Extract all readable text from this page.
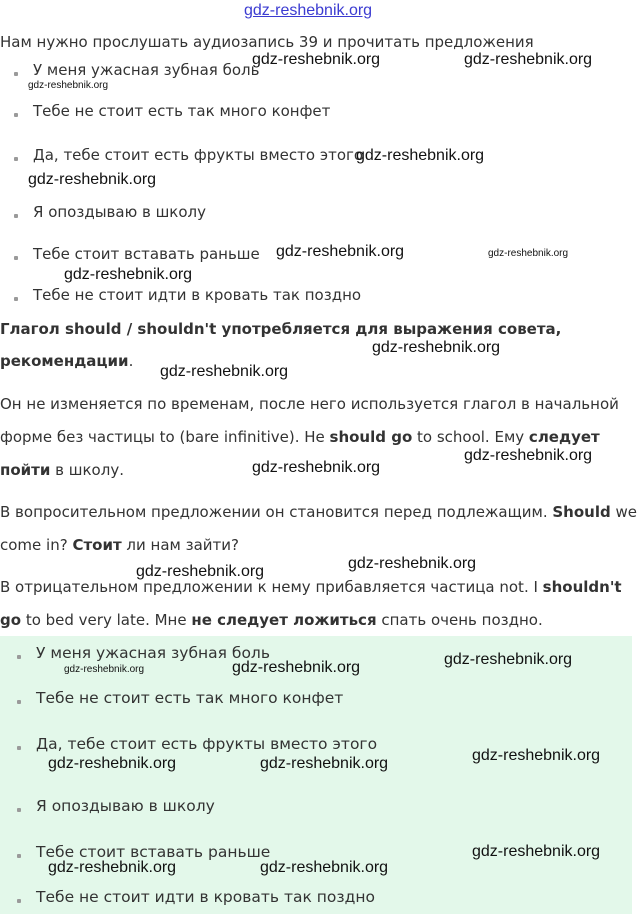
gdz-reshebnik.org
Нам нужно прослушать аудиозапись 39 и прочитать предложения
У меня ужасная зубная боль
Тебе не стоит есть так много конфет
Да, тебе стоит есть фрукты вместо этого
Я опоздываю в школу
Тебе стоит вставать раньше
Тебе не стоит идти в кровать так поздно
Глагол should / shouldn't употребляется для выражения совета,
рекомендации.
Он не изменяется по временам, после него используется глагол в начальной
форме без частицы to (bare infinitive). Не should go to school. Ему следует
пойти в школу.
В вопросительном предложении он становится перед подлежащим. Should we
come in? Стоит ли нам зайти?
В отрицательном предложении к нему прибавляется частица not. I shouldn't
go to bed very late. Мне не следует ложиться спать очень поздно.
У меня ужасная зубная боль
Тебе не стоит есть так много конфет
Да, тебе стоит есть фрукты вместо этого
Я опоздываю в школу
Тебе стоит вставать раньше
Тебе не стоит идти в кровать так поздно
gdz-reshebnik.org	gdz-reshebnik.org
gdz-reshebnik.org
gdz-reshebnik.org
gdz-reshebnik.org
gdz-reshebnik.org	gdz-reshebnik.org
gdz-reshebnik.org
gdz-reshebnik.org
gdz-reshebnik.org
gdz-reshebnik.org
gdz-reshebnik.org
gdz-reshebnik.org
gdz-reshebnik.org
gdz-reshebnik.org
gdz-reshebnik.org
gdz-reshebnik.org
gdz-reshebnik.org
gdz-reshebnik.org	gdz-reshebnik.org
gdz-reshebnik.org
gdz-reshebnik.org	gdz-reshebnik.org
